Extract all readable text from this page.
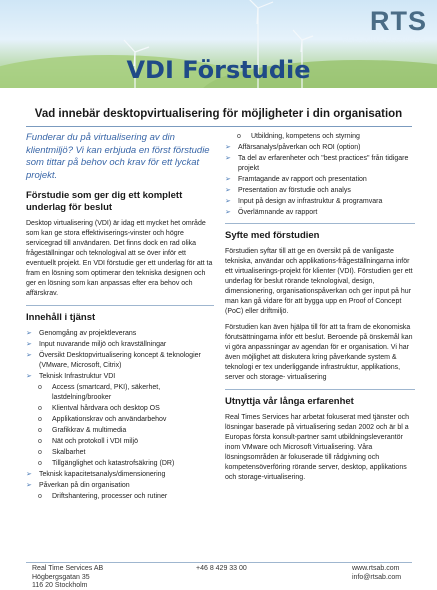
RTS
REAL TIME SERVICES
VDI Förstudie
Vad innebär desktopvirtualisering för möjligheter i din organisation
Funderar du på virtualisering av din klientmiljö? Vi kan erbjuda en först förstudie som tittar på behov och krav för ett lyckat projekt.
Förstudie som ger dig ett komplett underlag för beslut
Desktop virtualisering (VDI) är idag ett mycket het område som kan ge stora effektiviserings-vinster och högre servicegrad till användaren. Det finns dock en rad olika frågeställningar och teknologival att se över inför ett eventuellt projekt. En VDI förstudie ger ett underlag för att ta fram en lösning som optimerar den tekniska designen och ger en lösning som kan anpassas efter era behov och affärskrav.
Innehåll i tjänst
➢ Genomgång av projektleverans
➢ Input nuvarande miljö och kravställningar
➢ Översikt Desktopvirtualisering koncept & teknologier (VMware, Microsoft, Citrix)
➢ Teknisk Infrastruktur VDI
o Access (smartcard, PKI), säkerhet, lastdelning/brooker
o Klientval hårdvara och desktop OS
o Applikationskrav och användarbehov
o Grafikkrav & multimedia
o Nät och protokoll i VDI miljö
o Skalbarhet
o Tillgänglighet och katastrofsäkring (DR)
➢ Teknisk kapacitetsanalys/dimensionering
➢ Påverkan på din organisation
o Driftshantering, processer och rutiner
o Utbildning, kompetens och styrning
➢ Affärsanalys/påverkan och ROI (option)
➢ Ta del av erfarenheter och "best practices" från tidigare projekt
➢ Framtagande av rapport och presentation
➢ Presentation av förstudie och analys
➢ Input på design av infrastruktur & programvara
➢ Överlämnande av rapport
Syfte med förstudien
Förstudien syftar till att ge en översikt på de vanligaste tekniska, användar och applikations-frågeställningarna inför ett virtualiserings-projekt för klienter (VDI). Förstudien ger ett underlag för beslut rörande teknologival, design, dimensionering, organisationspåverkan och ger input på hur man kan gå vidare för att bygga upp en Proof of Concept (PoC) eller driftmiljö.
Förstudien kan även hjälpa till för att ta fram de ekonomiska förutsättningarna inför ett beslut. Beroende på önskemål kan vi göra anpassningar av agendan för er organisation. Vi har även möjlighet att diskutera kring påverkande system & teknologi er tex underliggande infrastruktur, applikations, server och storage- virtualisering
Utnyttja vår långa erfarenhet
Real Times Services har arbetat fokuserat med tjänster och lösningar baserade på virtualisering sedan 2002 och är bl a Europas första konsult-partner samt utbildningsleverantör inom VMware och Microsoft Virtualisering. Våra lösningsområden är fokuserade till rådgivning och kompetensöverföring rörande server, desktop, applikations och storage-virtualisering.
Real Time Services AB
Högbergsgatan 35
116 20 Stockholm
+46 8 429 33 00	www.rtsab.com
info@rtsab.com
